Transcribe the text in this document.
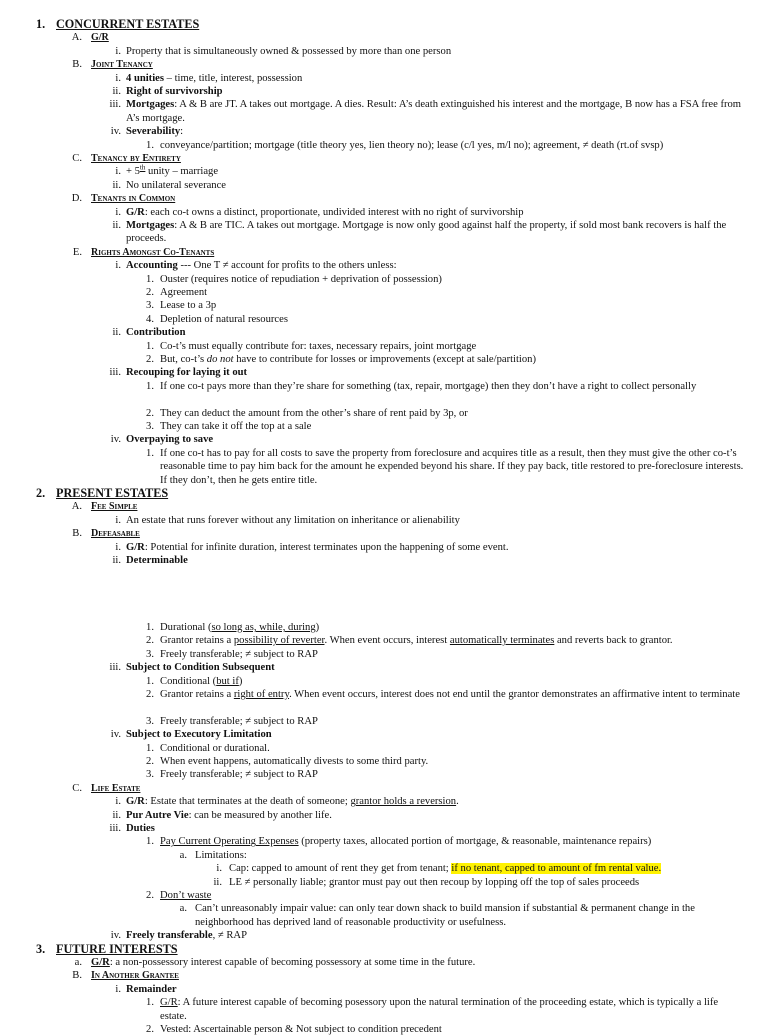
1. CONCURRENT ESTATES
A. G/R
i. Property that is simultaneously owned & possessed by more than one person
B. Joint Tenancy
i. 4 unities – time, title, interest, possession
ii. Right of survivorship
iii. Mortgages: A & B are JT. A takes out mortgage. A dies. Result: A’s death extinguished his interest and the mortgage, B now has a FSA free from A’s mortgage.
iv. Severability:
1. conveyance/partition; mortgage (title theory yes, lien theory no); lease (c/l yes, m/l no); agreement, ≠ death (rt.of svsp)
C. Tenancy by Entirety
i. + 5th unity – marriage
ii. No unilateral severance
D. Tenants in Common
i. G/R: each co-t owns a distinct, proportionate, undivided interest with no right of survivorship
ii. Mortgages: A & B are TIC. A takes out mortgage. Mortgage is now only good against half the property, if sold most bank recovers is half the proceeds.
E. Rights Amongst Co-Tenants
i. Accounting --- One T ≠ account for profits to the others unless:
1. Ouster (requires notice of repudiation + deprivation of possession)
2. Agreement
3. Lease to a 3p
4. Depletion of natural resources
ii. Contribution
1. Co-t’s must equally contribute for: taxes, necessary repairs, joint mortgage
2. But, co-t’s do not have to contribute for losses or improvements (except at sale/partition)
iii. Recouping for laying it out
1. If one co-t pays more than they’re share for something (tax, repair, mortgage) then they don’t have a right to collect personally
2. They can deduct the amount from the other’s share of rent paid by 3p, or
3. They can take it off the top at a sale
iv. Overpaying to save
1. If one co-t has to pay for all costs to save the property from foreclosure and acquires title as a result, then they must give the other co-t’s reasonable time to pay him back for the amount he expended beyond his share. If they pay back, title restored to pre-foreclosure interests. If they don’t, then he gets entire title.
2. PRESENT ESTATES
A. Fee Simple
i. An estate that runs forever without any limitation on inheritance or alienability
B. Defeasable
i. G/R: Potential for infinite duration, interest terminates upon the happening of some event.
ii. Determinable
1. Durational (so long as, while, during)
2. Grantor retains a possibility of reverter. When event occurs, interest automatically terminates and reverts back to grantor.
3. Freely transferable; ≠ subject to RAP
iii. Subject to Condition Subsequent
1. Conditional (but if)
2. Grantor retains a right of entry. When event occurs, interest does not end until the grantor demonstrates an affirmative intent to terminate
3. Freely transferable; ≠ subject to RAP
iv. Subject to Executory Limitation
1. Conditional or durational.
2. When event happens, automatically divests to some third party.
3. Freely transferable; ≠ subject to RAP
C. Life Estate
i. G/R: Estate that terminates at the death of someone; grantor holds a reversion.
ii. Pur Autre Vie: can be measured by another life.
iii. Duties
1. Pay Current Operating Expenses (property taxes, allocated portion of mortgage, & reasonable, maintenance repairs)
a. Limitations:
i. Cap: capped to amount of rent they get from tenant; if no tenant, capped to amount of fm rental value.
ii. LE ≠ personally liable; grantor must pay out then recoup by lopping off the top of sales proceeds
2. Don’t waste
a. Can’t unreasonably impair value: can only tear down shack to build mansion if substantial & permanent change in the neighborhood has deprived land of reasonable productivity or usefulness.
iv. Freely transferable, ≠ RAP
3. FUTURE INTERESTS
a. G/R: a non-possessory interest capable of becoming possessory at some time in the future.
B. In Another Grantee
i. Remainder
1. G/R: A future interest capable of becoming posessory upon the natural termination of the proceeding estate, which is typically a life estate.
2. Vested: Ascertainable person & Not subject to condition precedent
